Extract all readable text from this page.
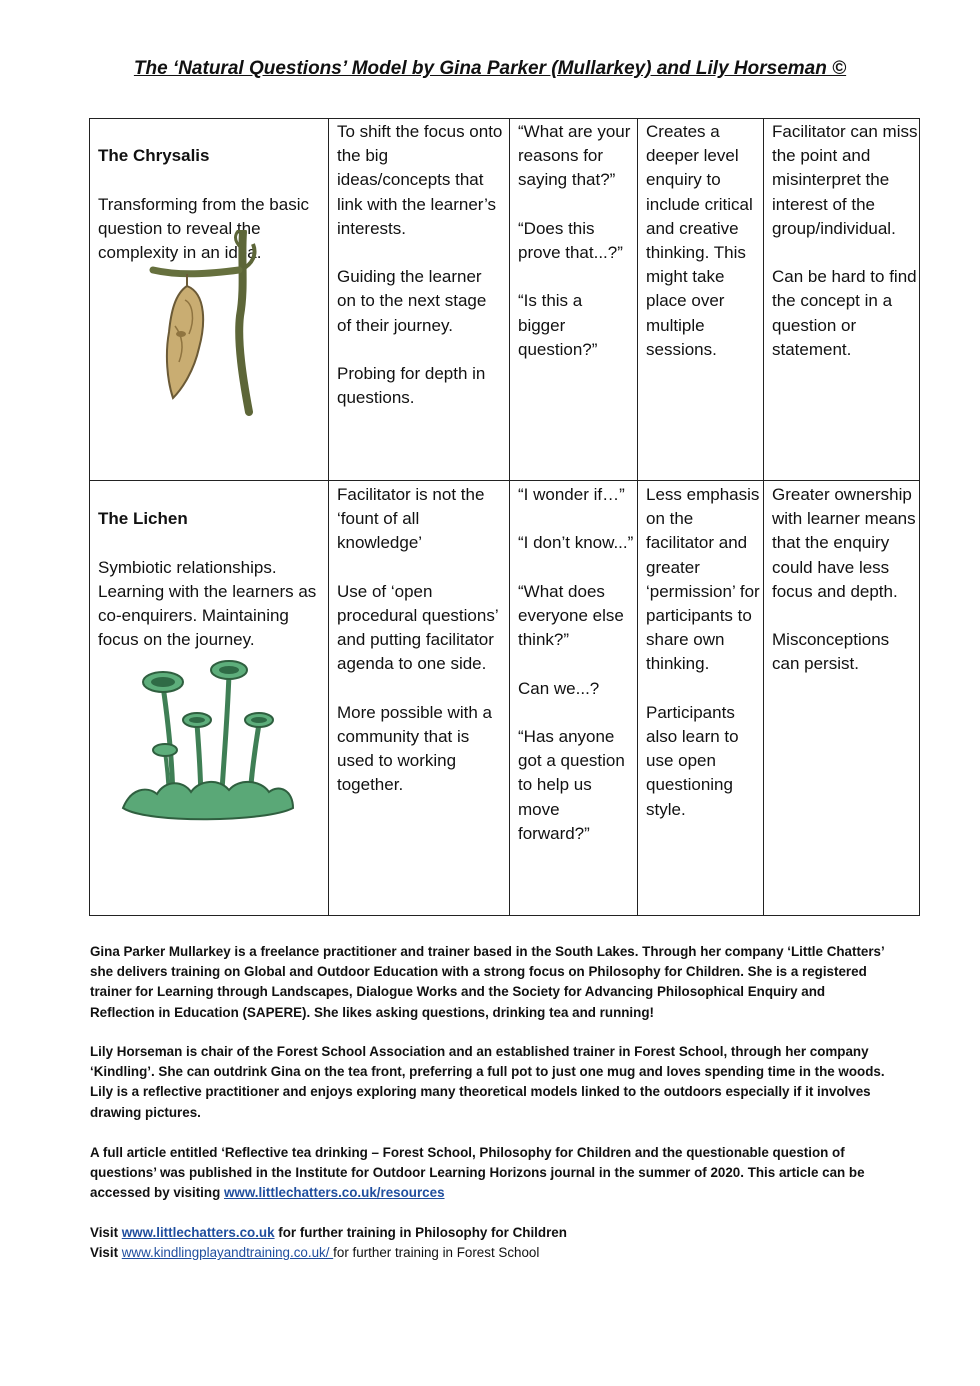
The ‘Natural Questions’ Model by Gina Parker (Mullarkey) and Lily Horseman ©

The Chrysalis

Transforming from the basic question to reveal the complexity in an idea.

To shift the focus onto the big ideas/concepts that link with the learner’s interests.

Guiding the learner on to the next stage of their journey.

Probing for depth in questions.
“What are your reasons for saying that?”

“Does this prove that...?”

“Is this a bigger question?”
Creates a deeper level enquiry to include critical and creative thinking. This might take place over multiple sessions.
Facilitator can miss the point and misinterpret the interest of the group/individual.

Can be hard to find the concept in a question or statement.

The Lichen

Symbiotic relationships. Learning with the learners as co-enquirers. Maintaining focus on the journey.

Facilitator is not the ‘fount of all knowledge’

Use of ‘open procedural questions’
and putting facilitator agenda to one side.

More possible with a community that is used to working together.
“I wonder if…”

“I don’t know...”

“What does everyone else think?”

Can we...?

“Has anyone got a question to help us move forward?”
Less emphasis on the facilitator and greater ‘permission’ for participants to share own thinking.

Participants also learn to use open questioning style.
Greater ownership with learner means that the enquiry could have less focus and depth.

Misconceptions can persist.

Gina Parker Mullarkey is a freelance practitioner and trainer based in the South Lakes. Through her company ‘Little Chatters’ she delivers training on Global and Outdoor Education with a strong focus on Philosophy for Children. She is a registered trainer for Learning through Landscapes, Dialogue Works and the Society for Advancing Philosophical Enquiry and Reflection in Education (SAPERE). She likes asking questions, drinking tea and running!

Lily Horseman is chair of the Forest School Association and an established trainer in Forest School, through her company ‘Kindling’. She can outdrink Gina on the tea front, preferring a full pot to just one mug and loves spending time in the woods. Lily is a reflective practitioner and enjoys exploring many theoretical models linked to the outdoors especially if it involves drawing pictures.

A full article entitled ‘Reflective tea drinking – Forest School, Philosophy for Children and the questionable question of questions’ was published in the Institute for Outdoor Learning Horizons journal in the summer of 2020. This article can be accessed by visiting www.littlechatters.co.uk/resources

Visit www.littlechatters.co.uk for further training in Philosophy for Children

Visit www.kindlingplayandtraining.co.uk/ for further training in Forest School
